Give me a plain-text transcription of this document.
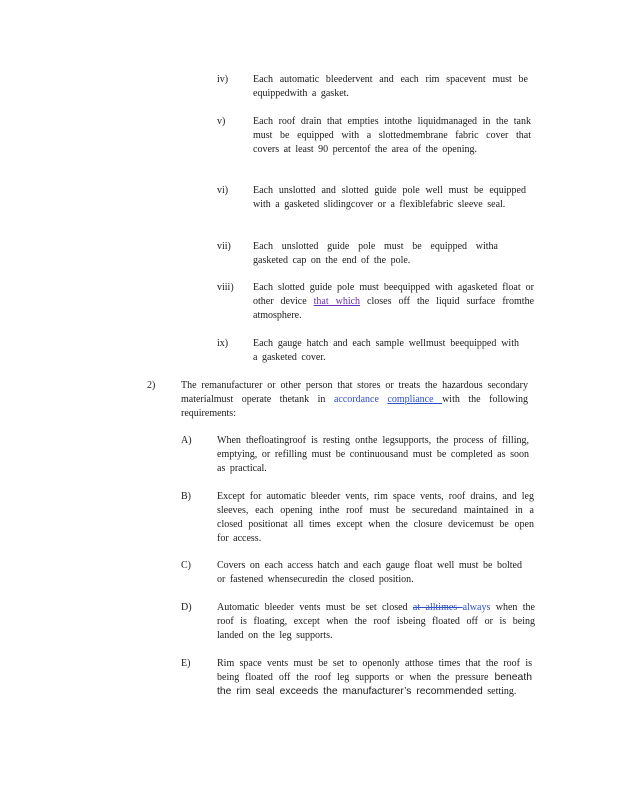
iv) Each automatic bleedervent and each rim spacevent must be equippedwith a gasket.
v)	Each roof drain that empties intothe liquidmanaged in the tank must be equipped with a slottedmembrane fabric cover that covers at least 90 percentof the area of the opening.
vi) Each unslotted and slotted guide pole well must be equipped with a gasketed slidingcover or a flexiblefabric sleeve seal.
vii) Each unslotted guide pole must be equipped witha gasketed cap on the end of the pole.
viii) Each slotted guide pole must beequipped with agasketed float or other device that which closes off the liquid surface fromthe atmosphere.
ix) Each gauge hatch and each sample wellmust beequipped with a gasketed cover.
2)	The remanufacturer or other person that stores or treats the hazardous secondary materialmust operate thetank in accordance compliance with the following requirements:
A)	When thefloatingroof is resting onthe legsupports, the process of filling, emptying, or refilling must be continuousand must be completed as soon as practical.
B)	Except for automatic bleeder vents, rim space vents, roof drains, and leg sleeves, each opening inthe roof must be securedand maintained in a closed positionat all times except when the closure devicemust be open for access.
C)	Covers on each access hatch and each gauge float well must be bolted or fastened whensecuredin the closed position.
D)	Automatic bleeder vents must be set closed at alltimes always when the roof is floating, except when the roof isbeing floated off or is being landed on the leg supports.
E)	Rim space vents must be set to openonly atthose times that the roof is being floated off the roof leg supports or when the pressure beneath the rim seal exceeds the manufacturer’s recommended setting.
